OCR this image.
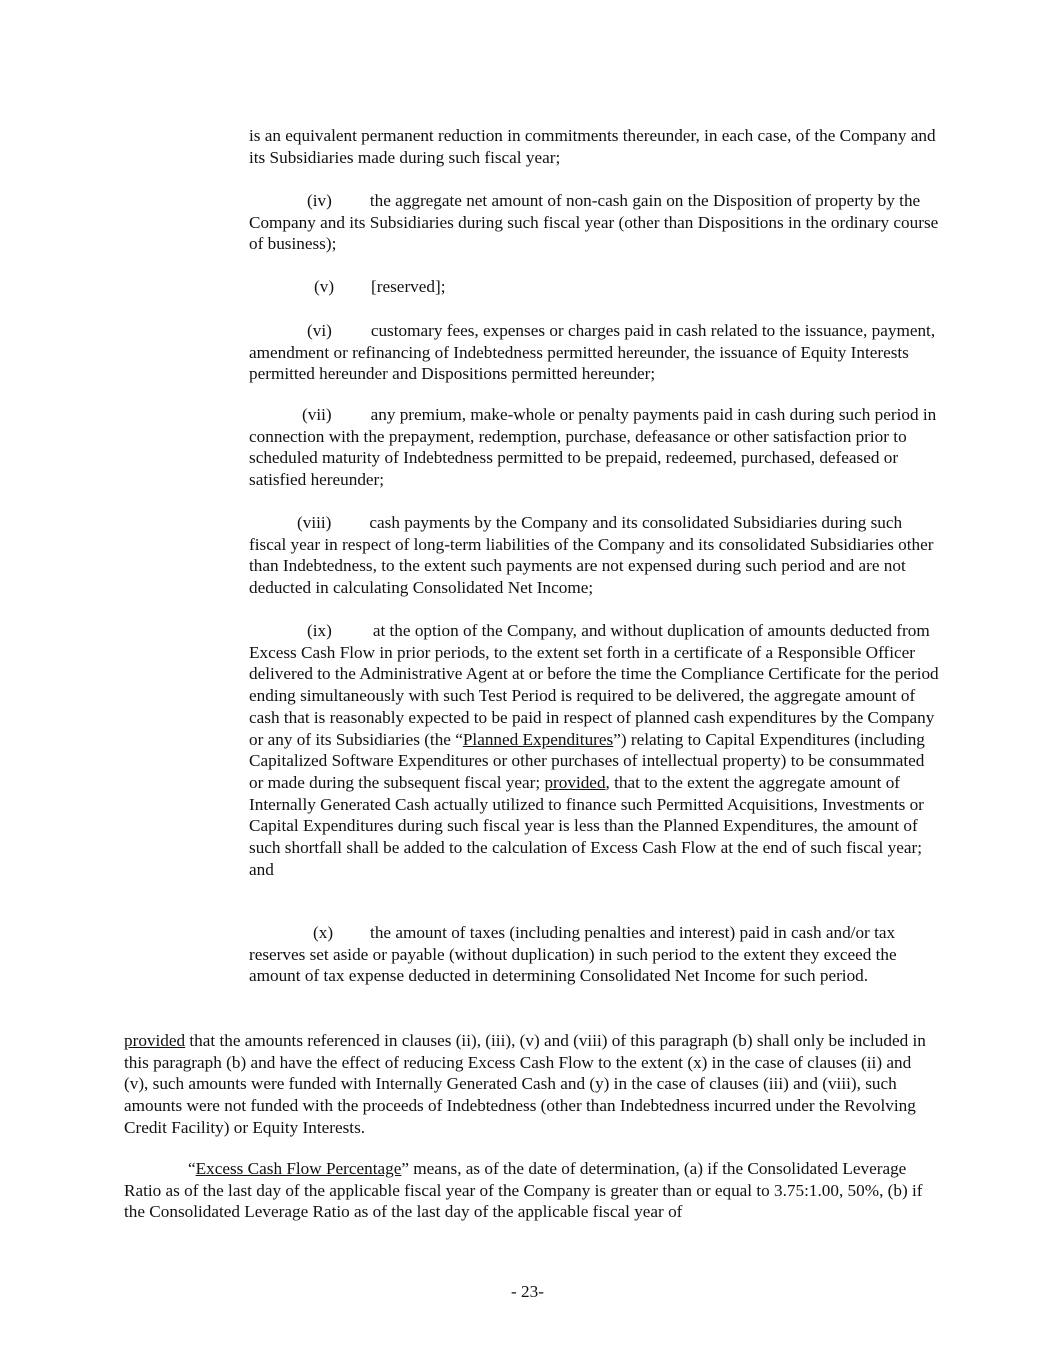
is an equivalent permanent reduction in commitments thereunder, in each case, of the Company and its Subsidiaries made during such fiscal year;

(iv) the aggregate net amount of non-cash gain on the Disposition of property by the Company and its Subsidiaries during such fiscal year (other than Dispositions in the ordinary course of business);

(v) [reserved];

(vi) customary fees, expenses or charges paid in cash related to the issuance, payment, amendment or refinancing of Indebtedness permitted hereunder, the issuance of Equity Interests permitted hereunder and Dispositions permitted hereunder;

(vii) any premium, make-whole or penalty payments paid in cash during such period in connection with the prepayment, redemption, purchase, defeasance or other satisfaction prior to scheduled maturity of Indebtedness permitted to be prepaid, redeemed, purchased, defeased or satisfied hereunder;

(viii) cash payments by the Company and its consolidated Subsidiaries during such fiscal year in respect of long-term liabilities of the Company and its consolidated Subsidiaries other than Indebtedness, to the extent such payments are not expensed during such period and are not deducted in calculating Consolidated Net Income;

(ix) at the option of the Company, and without duplication of amounts deducted from Excess Cash Flow in prior periods, to the extent set forth in a certificate of a Responsible Officer delivered to the Administrative Agent at or before the time the Compliance Certificate for the period ending simultaneously with such Test Period is required to be delivered, the aggregate amount of cash that is reasonably expected to be paid in respect of planned cash expenditures by the Company or any of its Subsidiaries (the “Planned Expenditures”) relating to Capital Expenditures (including Capitalized Software Expenditures or other purchases of intellectual property) to be consummated or made during the subsequent fiscal year; provided, that to the extent the aggregate amount of Internally Generated Cash actually utilized to finance such Permitted Acquisitions, Investments or Capital Expenditures during such fiscal year is less than the Planned Expenditures, the amount of such shortfall shall be added to the calculation of Excess Cash Flow at the end of such fiscal year; and

(x) the amount of taxes (including penalties and interest) paid in cash and/or tax reserves set aside or payable (without duplication) in such period to the extent they exceed the amount of tax expense deducted in determining Consolidated Net Income for such period.

provided that the amounts referenced in clauses (ii), (iii), (v) and (viii) of this paragraph (b) shall only be included in this paragraph (b) and have the effect of reducing Excess Cash Flow to the extent (x) in the case of clauses (ii) and (v), such amounts were funded with Internally Generated Cash and (y) in the case of clauses (iii) and (viii), such amounts were not funded with the proceeds of Indebtedness (other than Indebtedness incurred under the Revolving Credit Facility) or Equity Interests.

“Excess Cash Flow Percentage” means, as of the date of determination, (a) if the Consolidated Leverage Ratio as of the last day of the applicable fiscal year of the Company is greater than or equal to 3.75:1.00, 50%, (b) if the Consolidated Leverage Ratio as of the last day of the applicable fiscal year of

- 23-
